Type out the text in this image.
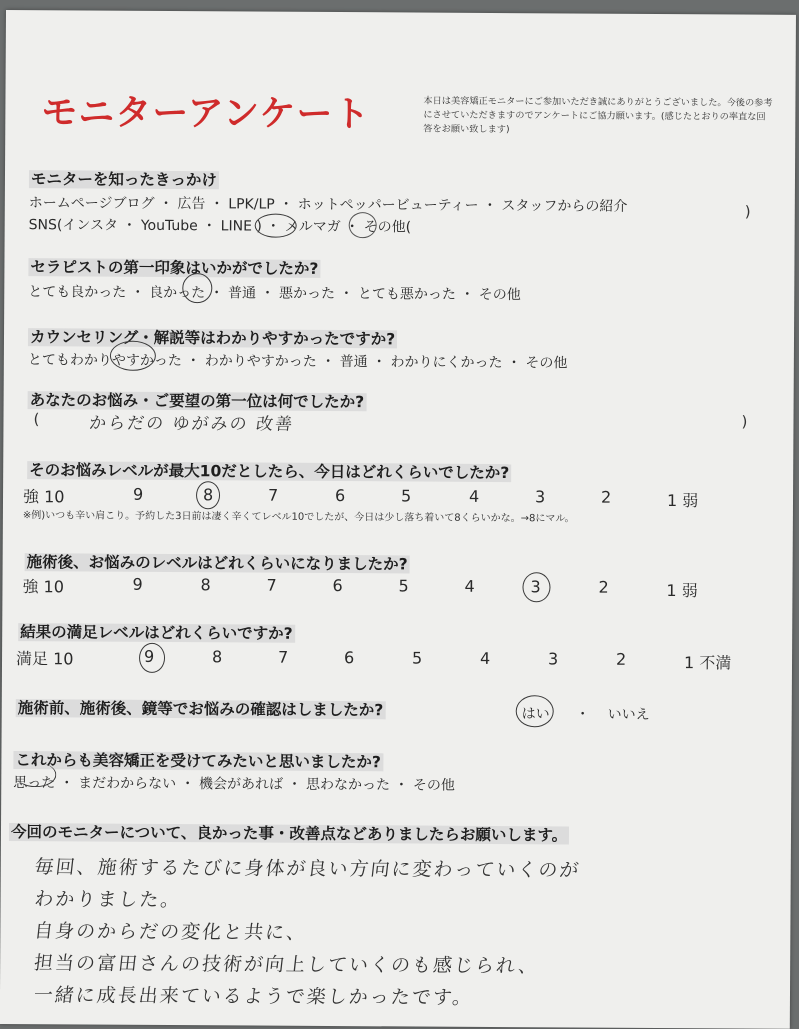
モニターアンケート	本日は美容矯正モニターにご参加いただき誠にありがとうございました。今後の参考にさせていただきますのでアンケートにご協力願います。(感じたとおりの率直な回答をお願い致します)
モニターを知ったきっかけ
ホームページブログ ・ 広告 ・ LPK/LP ・ ホットペッパービューティー ・ スタッフからの紹介
SNS(インスタ ・ YouTube ・ LINE ) ・ メルマガ ・ その他(
)
セラピストの第一印象はいかがでしたか?
とても良かった ・ 良かった ・ 普通 ・ 悪かった ・ とても悪かった ・ その他
カウンセリング・解説等はわかりやすかったですか?
とてもわかりやすかった ・ わかりやすかった ・ 普通 ・ わかりにくかった ・ その他
あなたのお悩み・ご要望の第一位は何でしたか?
(	からだの ゆがみの 改善	)
そのお悩みレベルが最大10だとしたら、今日はどれくらいでしたか?
強 10	9	8	7	6	5	4	3	2	1 弱
※例)いつも辛い肩こり。予約した3日前は凄く辛くてレベル10でしたが、今日は少し落ち着いて8くらいかな。→8にマル。
施術後、お悩みのレベルはどれくらいになりましたか?
強 10	9	8	7	6	5	4	3	2	1 弱
結果の満足レベルはどれくらいですか?
満足 10	9	8	7	6	5	4	3	2	1 不満
施術前、施術後、鏡等でお悩みの確認はしましたか?	はい ・ いいえ
これからも美容矯正を受けてみたいと思いましたか?
思った ・ まだわからない ・ 機会があれば ・ 思わなかった ・ その他
今回のモニターについて、良かった事・改善点などありましたらお願いします。
毎回、施術するたびに身体が良い方向に変わっていくのが
わかりました。
自身のからだの変化と共に、
担当の富田さんの技術が向上していくのも感じられ、
一緒に成長出来ているようで楽しかったです。
